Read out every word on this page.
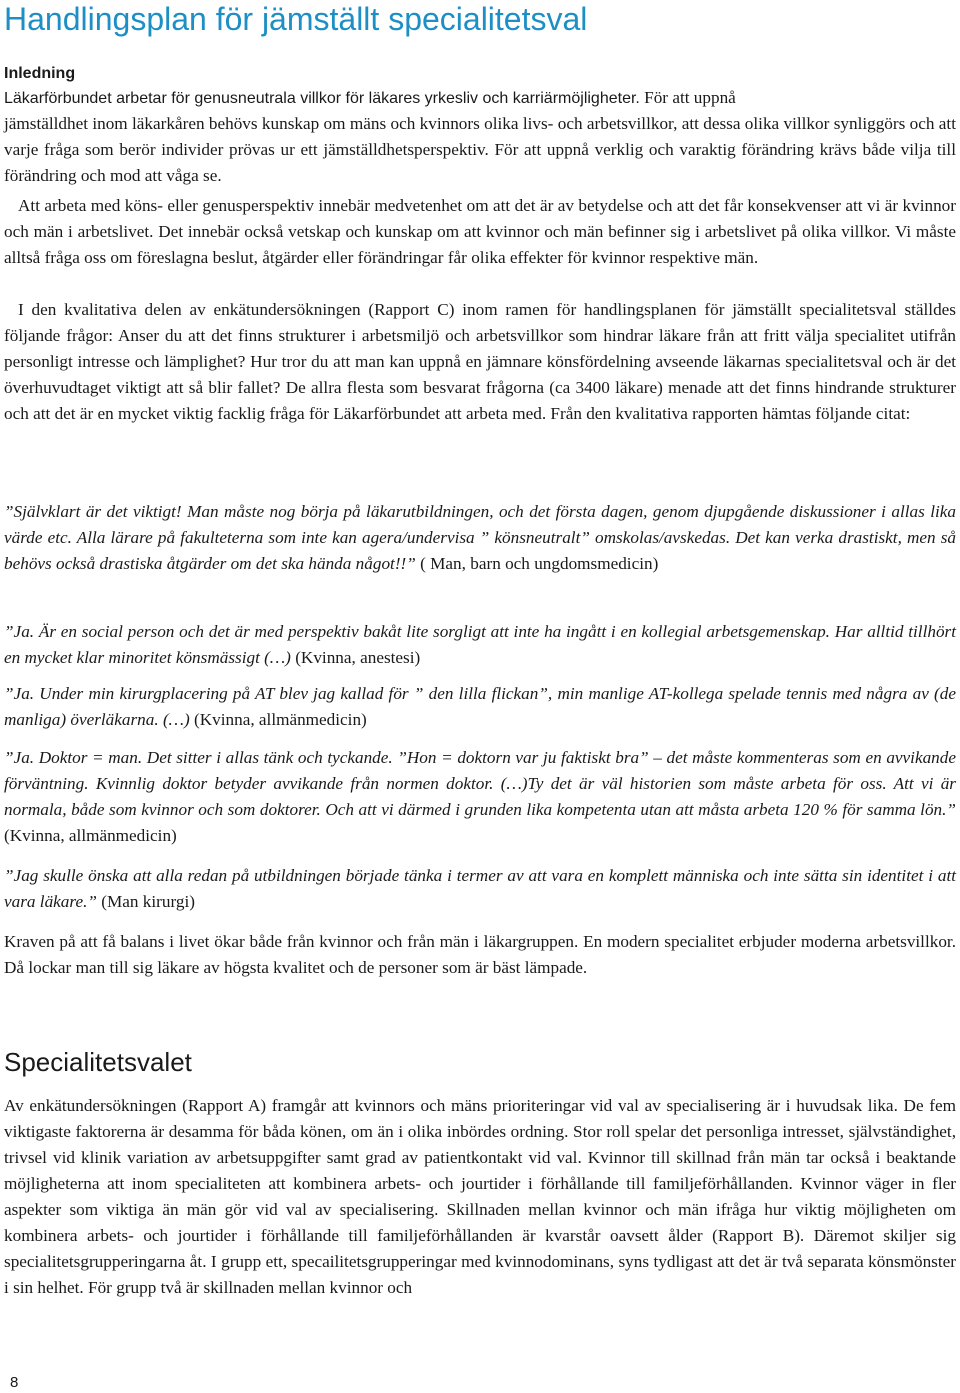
Handlingsplan för jämställt specialitetsval
Inledning

Läkarförbundet arbetar för genusneutrala villkor för läkares yrkesliv och karriärmöjligheter. För att uppnå

jämställdhet inom läkarkåren behövs kunskap om mäns och kvinnors olika livs- och arbetsvillkor, att dessa olika villkor synliggörs och att varje fråga som berör individer prövas ur ett jämställdhetsperspektiv. För att uppnå verklig och varaktig förändring krävs både vilja till förändring och mod att våga se.

Att arbeta med köns- eller genusperspektiv innebär medvetenhet om att det är av betydelse och att det får konsekvenser att vi är kvinnor och män i arbetslivet. Det innebär också vetskap och kunskap om att kvinnor och män befinner sig i arbetslivet på olika villkor. Vi måste alltså fråga oss om föreslagna beslut, åtgärder eller förändringar får olika effekter för kvinnor respektive män.

I den kvalitativa delen av enkätundersökningen (Rapport C) inom ramen för handlingsplanen för jämställt specialitetsval ställdes följande frågor: Anser du att det finns strukturer i arbetsmiljö och arbetsvillkor som hindrar läkare från att fritt välja specialitet utifrån personligt intresse och lämplighet? Hur tror du att man kan uppnå en jämnare könsfördelning avseende läkarnas specialitetsval och är det överhuvudtaget viktigt att så blir fallet? De allra flesta som besvarat frågorna (ca 3400 läkare) menade att det finns hindrande strukturer och att det är en mycket viktig facklig fråga för Läkarförbundet att arbeta med. Från den kvalitativa rapporten hämtas följande citat:

”Självklart är det viktigt! Man måste nog börja på läkarutbildningen, och det första dagen, genom djupgående diskussioner i allas lika värde etc. Alla lärare på fakulteterna som inte kan agera/undervisa ” könsneutralt” omskolas/avskedas. Det kan verka drastiskt, men så behövs också drastiska åtgärder om det ska hända något!!” ( Man, barn och ungdomsmedicin)

”Ja. Är en social person och det är med perspektiv bakåt lite sorgligt att inte ha ingått i en kollegial arbetsgemenskap. Har alltid tillhört en mycket klar minoritet könsmässigt (…) (Kvinna, anestesi)

”Ja. Under min kirurgplacering på AT blev jag kallad för ” den lilla flickan”, min manlige AT-kollega spelade tennis med några av (de manliga) överläkarna. (…) (Kvinna, allmänmedicin)

”Ja. Doktor = man. Det sitter i allas tänk och tyckande. ”Hon = doktorn var ju faktiskt bra” – det måste kommenteras som en avvikande förväntning. Kvinnlig doktor betyder avvikande från normen doktor. (…)Ty det är väl historien som måste arbeta för oss. Att vi är normala, både som kvinnor och som doktorer. Och att vi därmed i grunden lika kompetenta utan att måsta arbeta 120 % för samma lön.” (Kvinna, allmänmedicin)

”Jag skulle önska att alla redan på utbildningen började tänka i termer av att vara en komplett människa och inte sätta sin identitet i att vara läkare.” (Man kirurgi)

Kraven på att få balans i livet ökar både från kvinnor och från män i läkargruppen. En modern specialitet erbjuder moderna arbetsvillkor. Då lockar man till sig läkare av högsta kvalitet och de personer som är bäst lämpade.

Specialitetsvalet

Av enkätundersökningen (Rapport A) framgår att kvinnors och mäns prioriteringar vid val av specialisering är i huvudsak lika. De fem viktigaste faktorerna är desamma för båda könen, om än i olika inbördes ordning. Stor roll spelar det personliga intresset, självständighet, trivsel vid klinik variation av arbetsuppgifter samt grad av patientkontakt vid val. Kvinnor till skillnad från män tar också i beaktande möjligheterna att inom specialiteten att kombinera arbets- och jourtider i förhållande till familjeförhållanden. Kvinnor väger in fler aspekter som viktiga än män gör vid val av specialisering. Skillnaden mellan kvinnor och män ifråga hur viktig möjligheten om kombinera arbets- och jourtider i förhållande till familjeförhållanden är kvarstår oavsett ålder (Rapport B). Däremot skiljer sig specialitetsgrupperingarna åt. I grupp ett, specailitetsgrupperingar med kvinnodominans, syns tydligast att det är två separata könsmönster i sin helhet. För grupp två är skillnaden mellan kvinnor och

8
